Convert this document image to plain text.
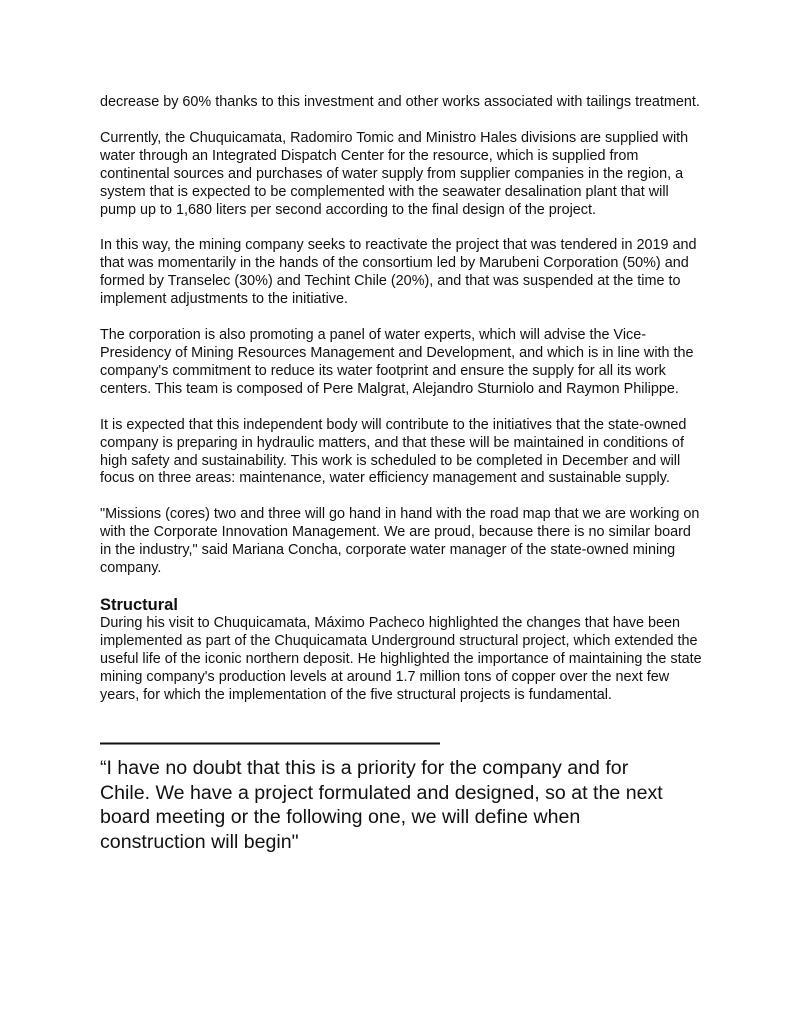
decrease by 60% thanks to this investment and other works associated with tailings treatment.

Currently, the Chuquicamata, Radomiro Tomic and Ministro Hales divisions are supplied with water through an Integrated Dispatch Center for the resource, which is supplied from continental sources and purchases of water supply from supplier companies in the region, a system that is expected to be complemented with the seawater desalination plant that will pump up to 1,680 liters per second according to the final design of the project.

In this way, the mining company seeks to reactivate the project that was tendered in 2019 and that was momentarily in the hands of the consortium led by Marubeni Corporation (50%) and formed by Transelec (30%) and Techint Chile (20%), and that was suspended at the time to implement adjustments to the initiative.

The corporation is also promoting a panel of water experts, which will advise the Vice-Presidency of Mining Resources Management and Development, and which is in line with the company's commitment to reduce its water footprint and ensure the supply for all its work centers. This team is composed of Pere Malgrat, Alejandro Sturniolo and Raymon Philippe.

It is expected that this independent body will contribute to the initiatives that the state-owned company is preparing in hydraulic matters, and that these will be maintained in conditions of high safety and sustainability. This work is scheduled to be completed in December and will focus on three areas: maintenance, water efficiency management and sustainable supply.

"Missions (cores) two and three will go hand in hand with the road map that we are working on with the Corporate Innovation Management. We are proud, because there is no similar board in the industry," said Mariana Concha, corporate water manager of the state-owned mining company.

Structural

During his visit to Chuquicamata, Máximo Pacheco highlighted the changes that have been implemented as part of the Chuquicamata Underground structural project, which extended the useful life of the iconic northern deposit. He highlighted the importance of maintaining the state mining company's production levels at around 1.7 million tons of copper over the next few years, for which the implementation of the five structural projects is fundamental.

—————————————————

“I have no doubt that this is a priority for the company and for Chile. We have a project formulated and designed, so at the next board meeting or the following one, we will define when construction will begin"
